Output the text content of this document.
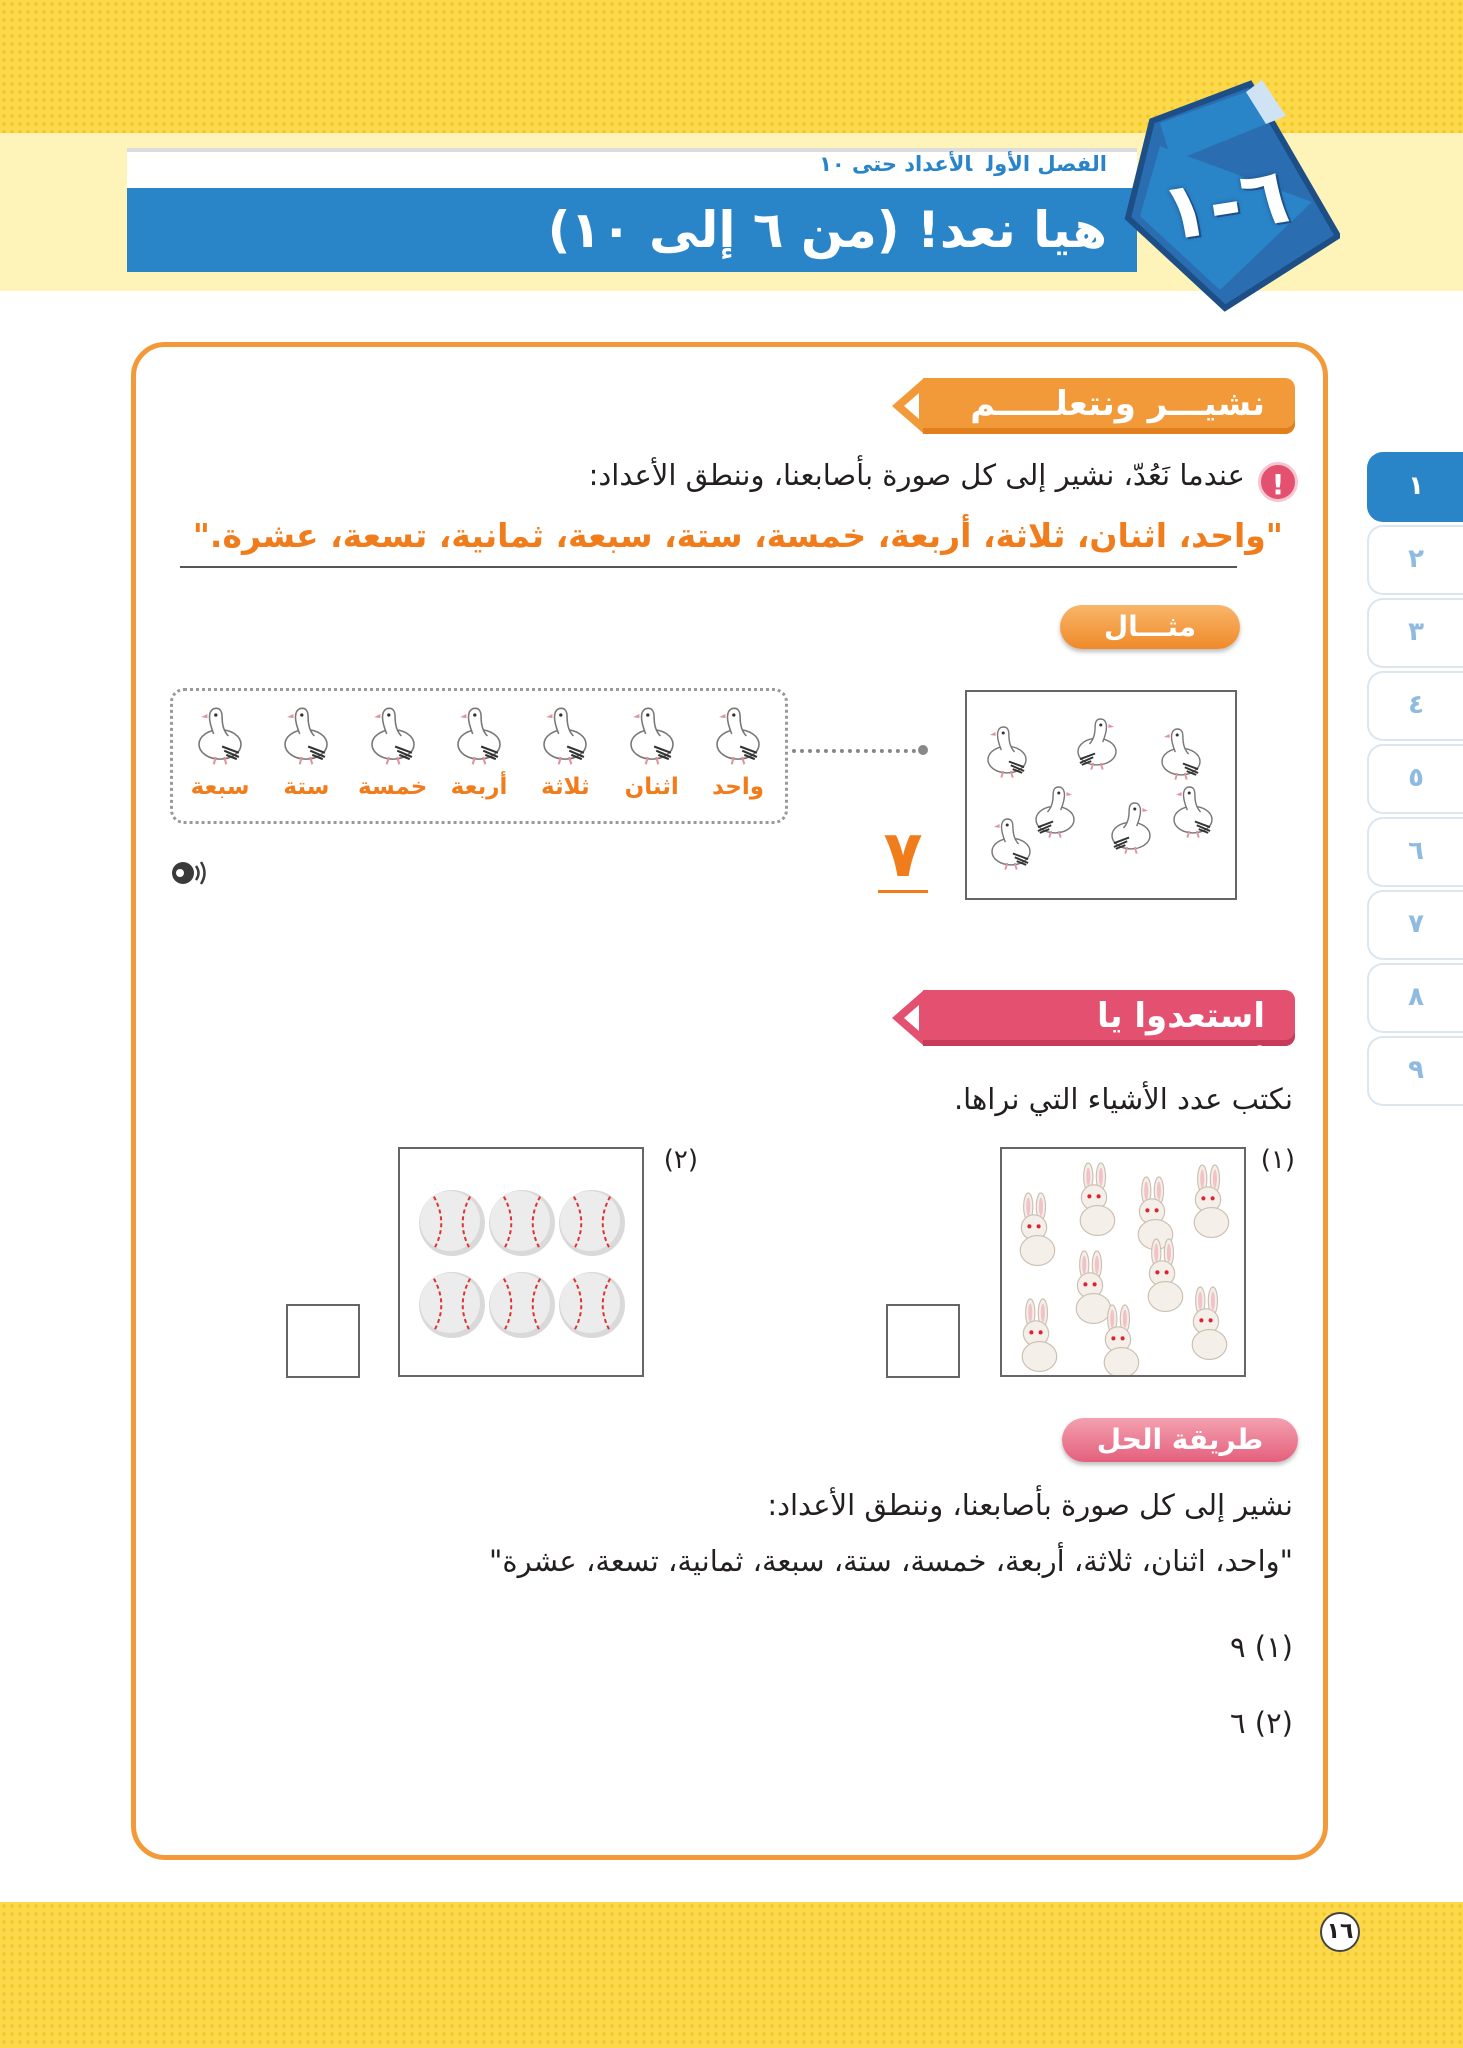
الفصل الأولالأعداد حتى ١٠
هيا نعد! (من ٦ إلى ١٠) ٦-١
١
٢
٣
٤
٥
٦
٧
٨
٩
نشيـــر ونتعلـــــم
!
عندما نَعُدّ، نشير إلى كل صورة بأصابعنا، وننطق الأعداد:
"واحد، اثنان، ثلاثة، أربعة، خمسة، ستة، سبعة، ثمانية، تسعة، عشرة."
مثـــال
واحد
اثنان
ثلاثة
أربعة
خمسة
ستة
سبعة
٧
استعدوا يا أصدقائي
نكتب عدد الأشياء التي نراها.
(١)
(٢)
طريقة الحل
نشير إلى كل صورة بأصابعنا، وننطق الأعداد:
"واحد، اثنان، ثلاثة، أربعة، خمسة، ستة، سبعة، ثمانية، تسعة، عشرة"
(١) ٩
(٢) ٦
١٦
